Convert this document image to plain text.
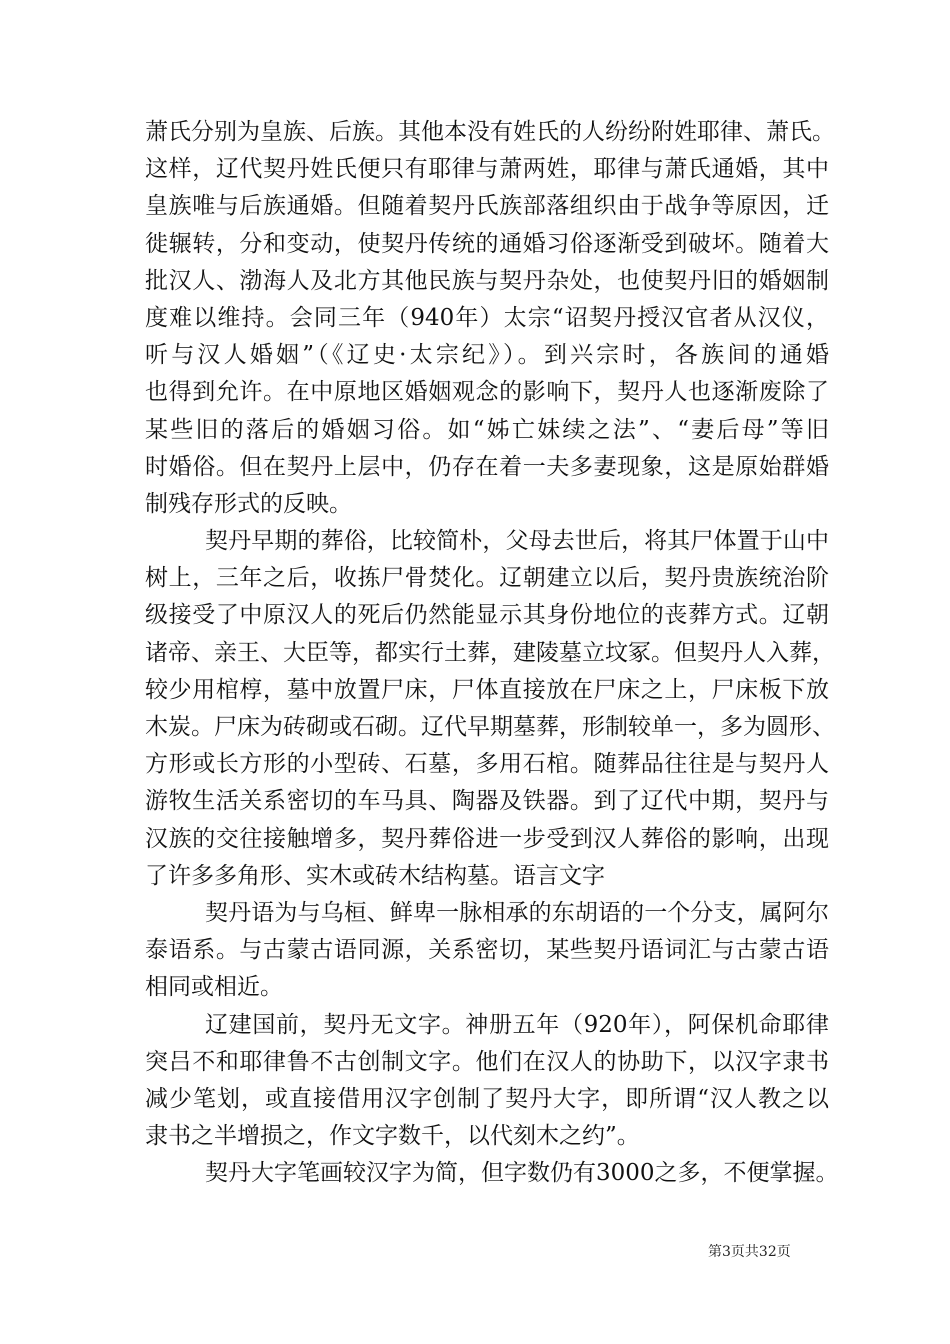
萧氏分别为皇族、后族。其他本没有姓氏的人纷纷附姓耶律、萧氏。
这样，辽代契丹姓氏便只有耶律与萧两姓，耶律与萧氏通婚，其中
皇族唯与后族通婚。但随着契丹氏族部落组织由于战争等原因，迁
徙辗转，分和变动，使契丹传统的通婚习俗逐渐受到破坏。随着大
批汉人、渤海人及北方其他民族与契丹杂处，也使契丹旧的婚姻制
度难以维持。会同三年（940年）太宗“诏契丹授汉官者从汉仪，
听与汉人婚姻”（《辽史·太宗纪》）。到兴宗时，各族间的通婚
也得到允许。在中原地区婚姻观念的影响下，契丹人也逐渐废除了
某些旧的落后的婚姻习俗。如“姊亡妹续之法”、“妻后母”等旧
时婚俗。但在契丹上层中，仍存在着一夫多妻现象，这是原始群婚
制残存形式的反映。

契丹早期的葬俗，比较简朴，父母去世后，将其尸体置于山中
树上，三年之后，收拣尸骨焚化。辽朝建立以后，契丹贵族统治阶
级接受了中原汉人的死后仍然能显示其身份地位的丧葬方式。辽朝
诸帝、亲王、大臣等，都实行土葬，建陵墓立坟冢。但契丹人入葬，
较少用棺椁，墓中放置尸床，尸体直接放在尸床之上，尸床板下放
木炭。尸床为砖砌或石砌。辽代早期墓葬，形制较单一，多为圆形、
方形或长方形的小型砖、石墓，多用石棺。随葬品往往是与契丹人
游牧生活关系密切的车马具、陶器及铁器。到了辽代中期，契丹与
汉族的交往接触增多，契丹葬俗进一步受到汉人葬俗的影响，出现
了许多多角形、实木或砖木结构墓。语言文字

契丹语为与乌桓、鲜卑一脉相承的东胡语的一个分支，属阿尔
泰语系。与古蒙古语同源，关系密切，某些契丹语词汇与古蒙古语
相同或相近。

辽建国前，契丹无文字。神册五年（920年），阿保机命耶律
突吕不和耶律鲁不古创制文字。他们在汉人的协助下，以汉字隶书
减少笔划，或直接借用汉字创制了契丹大字，即所谓“汉人教之以
隶书之半增损之，作文字数千，以代刻木之约”。

契丹大字笔画较汉字为简，但字数仍有3000之多，不便掌握。

第3页共32页
